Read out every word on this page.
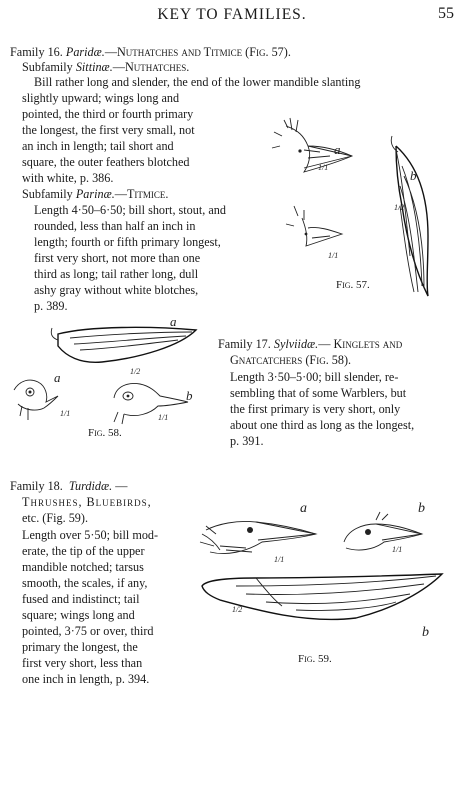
KEY TO FAMILIES.	55
Family 16. Paridæ.—Nuthatches and Titmice (Fig. 57).
Subfamily Sittinæ.—Nuthatches.
Bill rather long and slender, the end of the lower mandible slanting
slightly upward; wings long and
pointed, the third or fourth primary
the longest, the first very small, not
an inch in length; tail short and
square, the outer feathers blotched
with white, p. 386.
Subfamily Parinæ.—Titmice.
Length 4·50–6·50; bill short, stout, and
rounded, less than half an inch in
length; fourth or fifth primary longest,
first very short, not more than one
third as long; tail rather long, dull
ashy gray without white blotches,
p. 389.
a
1/1
1/1
b
1/2
Fig. 57.
a
1/2
a
1/1
b
1/1
Fig. 58.
Family 17. Sylviidæ.— Kinglets and
Gnatcatchers (Fig. 58).
Length 3·50–5·00; bill slender, re-
sembling that of some Warblers, but
the first primary is very short, only
about one third as long as the longest,
p. 391.
Family 18. Turdidæ. —
Thrushes, Bluebirds,
etc. (Fig. 59).
Length over 5·50; bill mod-
erate, the tip of the upper
mandible notched; tarsus
smooth, the scales, if any,
fused and indistinct; tail
square; wings long and
pointed, 3·75 or over, third
primary the longest, the
first very short, less than
one inch in length, p. 394.
a
1/1
b
1/1
1/2
b
Fig. 59.
